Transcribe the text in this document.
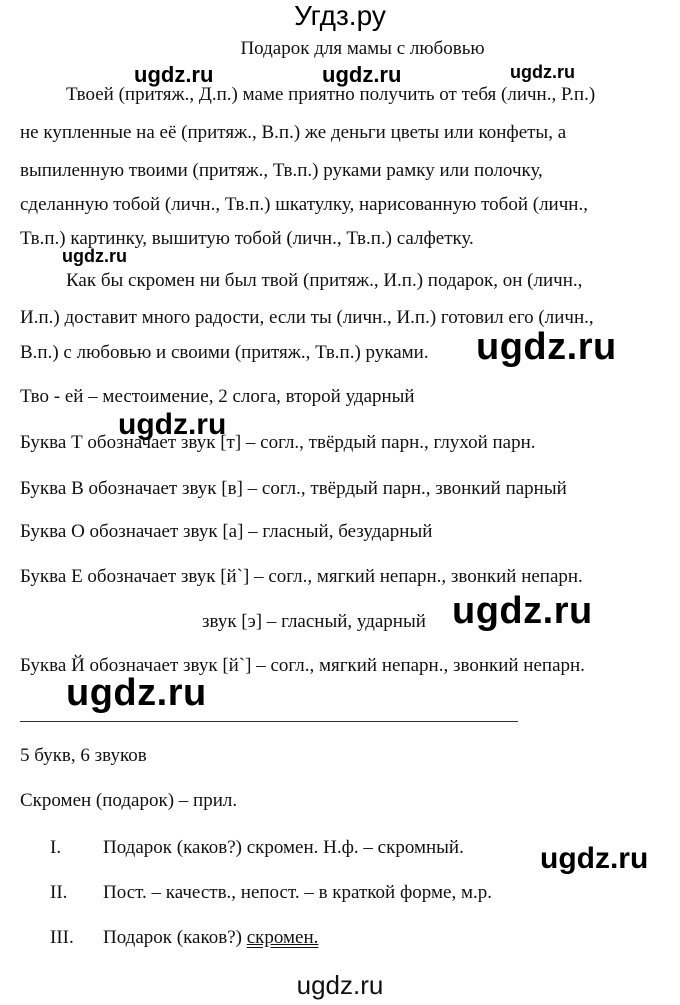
Угдз.ру
Подарок для мамы с любовью
ugdz.ru	ugdz.ru	ugdz.ru
Твоей (притяж., Д.п.) маме приятно получить от тебя (личн., Р.п.)
не купленные на её (притяж., В.п.) же деньги цветы или конфеты, а
выпиленную твоими (притяж., Тв.п.) руками рамку или полочку,
сделанную тобой (личн., Тв.п.) шкатулку, нарисованную тобой (личн.,
Тв.п.) картинку, вышитую тобой (личн., Тв.п.) салфетку.
ugdz.ru
Как бы скромен ни был твой (притяж., И.п.) подарок, он (личн.,
И.п.) доставит много радости, если ты (личн., И.п.) готовил его (личн.,
В.п.) с любовью и своими (притяж., Тв.п.) руками. ugdz.ru
Тво - ей – местоимение, 2 слога, второй ударный
ugdz.ru
Буква Т обозначает звук [т] – согл., твёрдый парн., глухой парн.
Буква В обозначает звук [в] – согл., твёрдый парн., звонкий парный
Буква О обозначает звук [а] – гласный, безударный
Буква Е обозначает звук [й`] – согл., мягкий непарн., звонкий непарн.
звук [э] – гласный, ударный ugdz.ru
Буква Й обозначает звук [й`] – согл., мягкий непарн., звонкий непарн.
ugdz.ru
5 букв, 6 звуков
Скромен (подарок) – прил.
I. Подарок (каков?) скромен. Н.ф. – скромный.
II. Пост. – качеств., непост. – в краткой форме, м.р.
III. Подарок (каков?) скромен.
ugdz.ru
ugdz.ru
